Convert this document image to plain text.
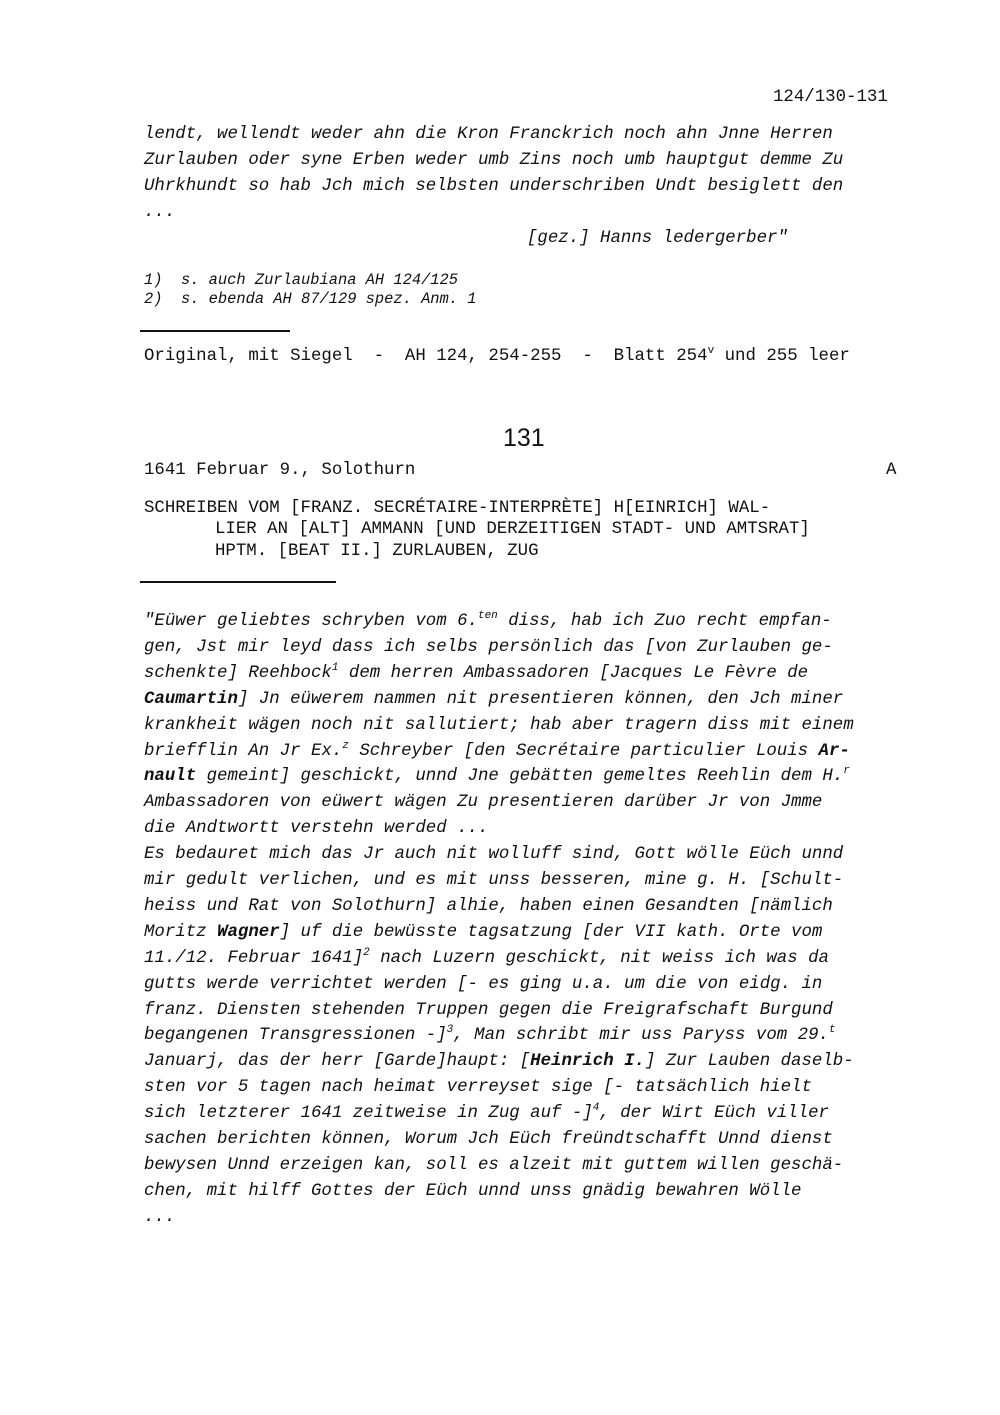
124/130-131
lendt, wellendt weder ahn die Kron Franckrich noch ahn Jnne Herren
Zurlauben oder syne Erben weder umb Zins noch umb hauptgut demme Zu
Uhrkhundt so hab Jch mich selbsten underschriben Undt besiglett den
...
[gez.] Hanns ledergerber"
1)  s. auch Zurlaubiana AH 124/125
2)  s. ebenda AH 87/129 spez. Anm. 1
Original, mit Siegel  -  AH 124, 254-255  -  Blatt 254$^v$ und 255 leer
131
1641 Februar 9., Solothurn	A
SCHREIBEN VOM [FRANZ. SECRÉTAIRE-INTERPRÈTE] H[EINRICH] WAL-
LIER AN [ALT] AMMANN [UND DERZEITIGEN STADT- UND AMTSRAT]
HPTM. [BEAT II.] ZURLAUBEN, ZUG
"Eüwer geliebtes schryben vom 6.$^{ten}$ diss, hab ich Zuo recht empfan-
gen, Jst mir leyd dass ich selbs persönlich das [von Zurlauben ge-
schenkte] Reehbock$^1$ dem herren Ambassadoren [Jacques Le Fèvre de
Caumartin] Jn eüwerem nammen nit presentieren können, den Jch miner
krankheit wägen noch nit sallutiert; hab aber tragern diss mit einem
briefflin An Jr Ex.$^z$ Schreyber [den Secrétaire particulier Louis Ar-
nault gemeint] geschickt, unnd Jne gebätten gemeltes Reehlin dem H.$^r$
Ambassadoren von eüwert wägen Zu presentieren darüber Jr von Jmme
die Andtwortt verstehn werded ...
Es bedauret mich das Jr auch nit wolluff sind, Gott wölle Eüch unnd
mir gedult verlichen, und es mit unss besseren, mine g. H. [Schult-
heiss und Rat von Solothurn] alhie, haben einen Gesandten [nämlich
Moritz Wagner] uf die bewüsste tagsatzung [der VII kath. Orte vom
11./12. Februar 1641]$^2$ nach Luzern geschickt, nit weiss ich was da
gutts werde verrichtet werden [- es ging u.a. um die von eidg. in
franz. Diensten stehenden Truppen gegen die Freigrafschaft Burgund
begangenen Transgressionen -]$^3$, Man schribt mir uss Paryss vom 29.$^t$
Januarj, das der herr [Garde]haupt: [Heinrich I.] Zur Lauben daselb-
sten vor 5 tagen nach heimat verreyset sige [- tatsächlich hielt
sich letzterer 1641 zeitweise in Zug auf -]$^4$, der Wirt Eüch viller
sachen berichten können, Worum Jch Eüch freündtschafft Unnd dienst
bewysen Unnd erzeigen kan, soll es alzeit mit guttem willen geschä-
chen, mit hilff Gottes der Eüch unnd unss gnädig bewahren Wölle
...
